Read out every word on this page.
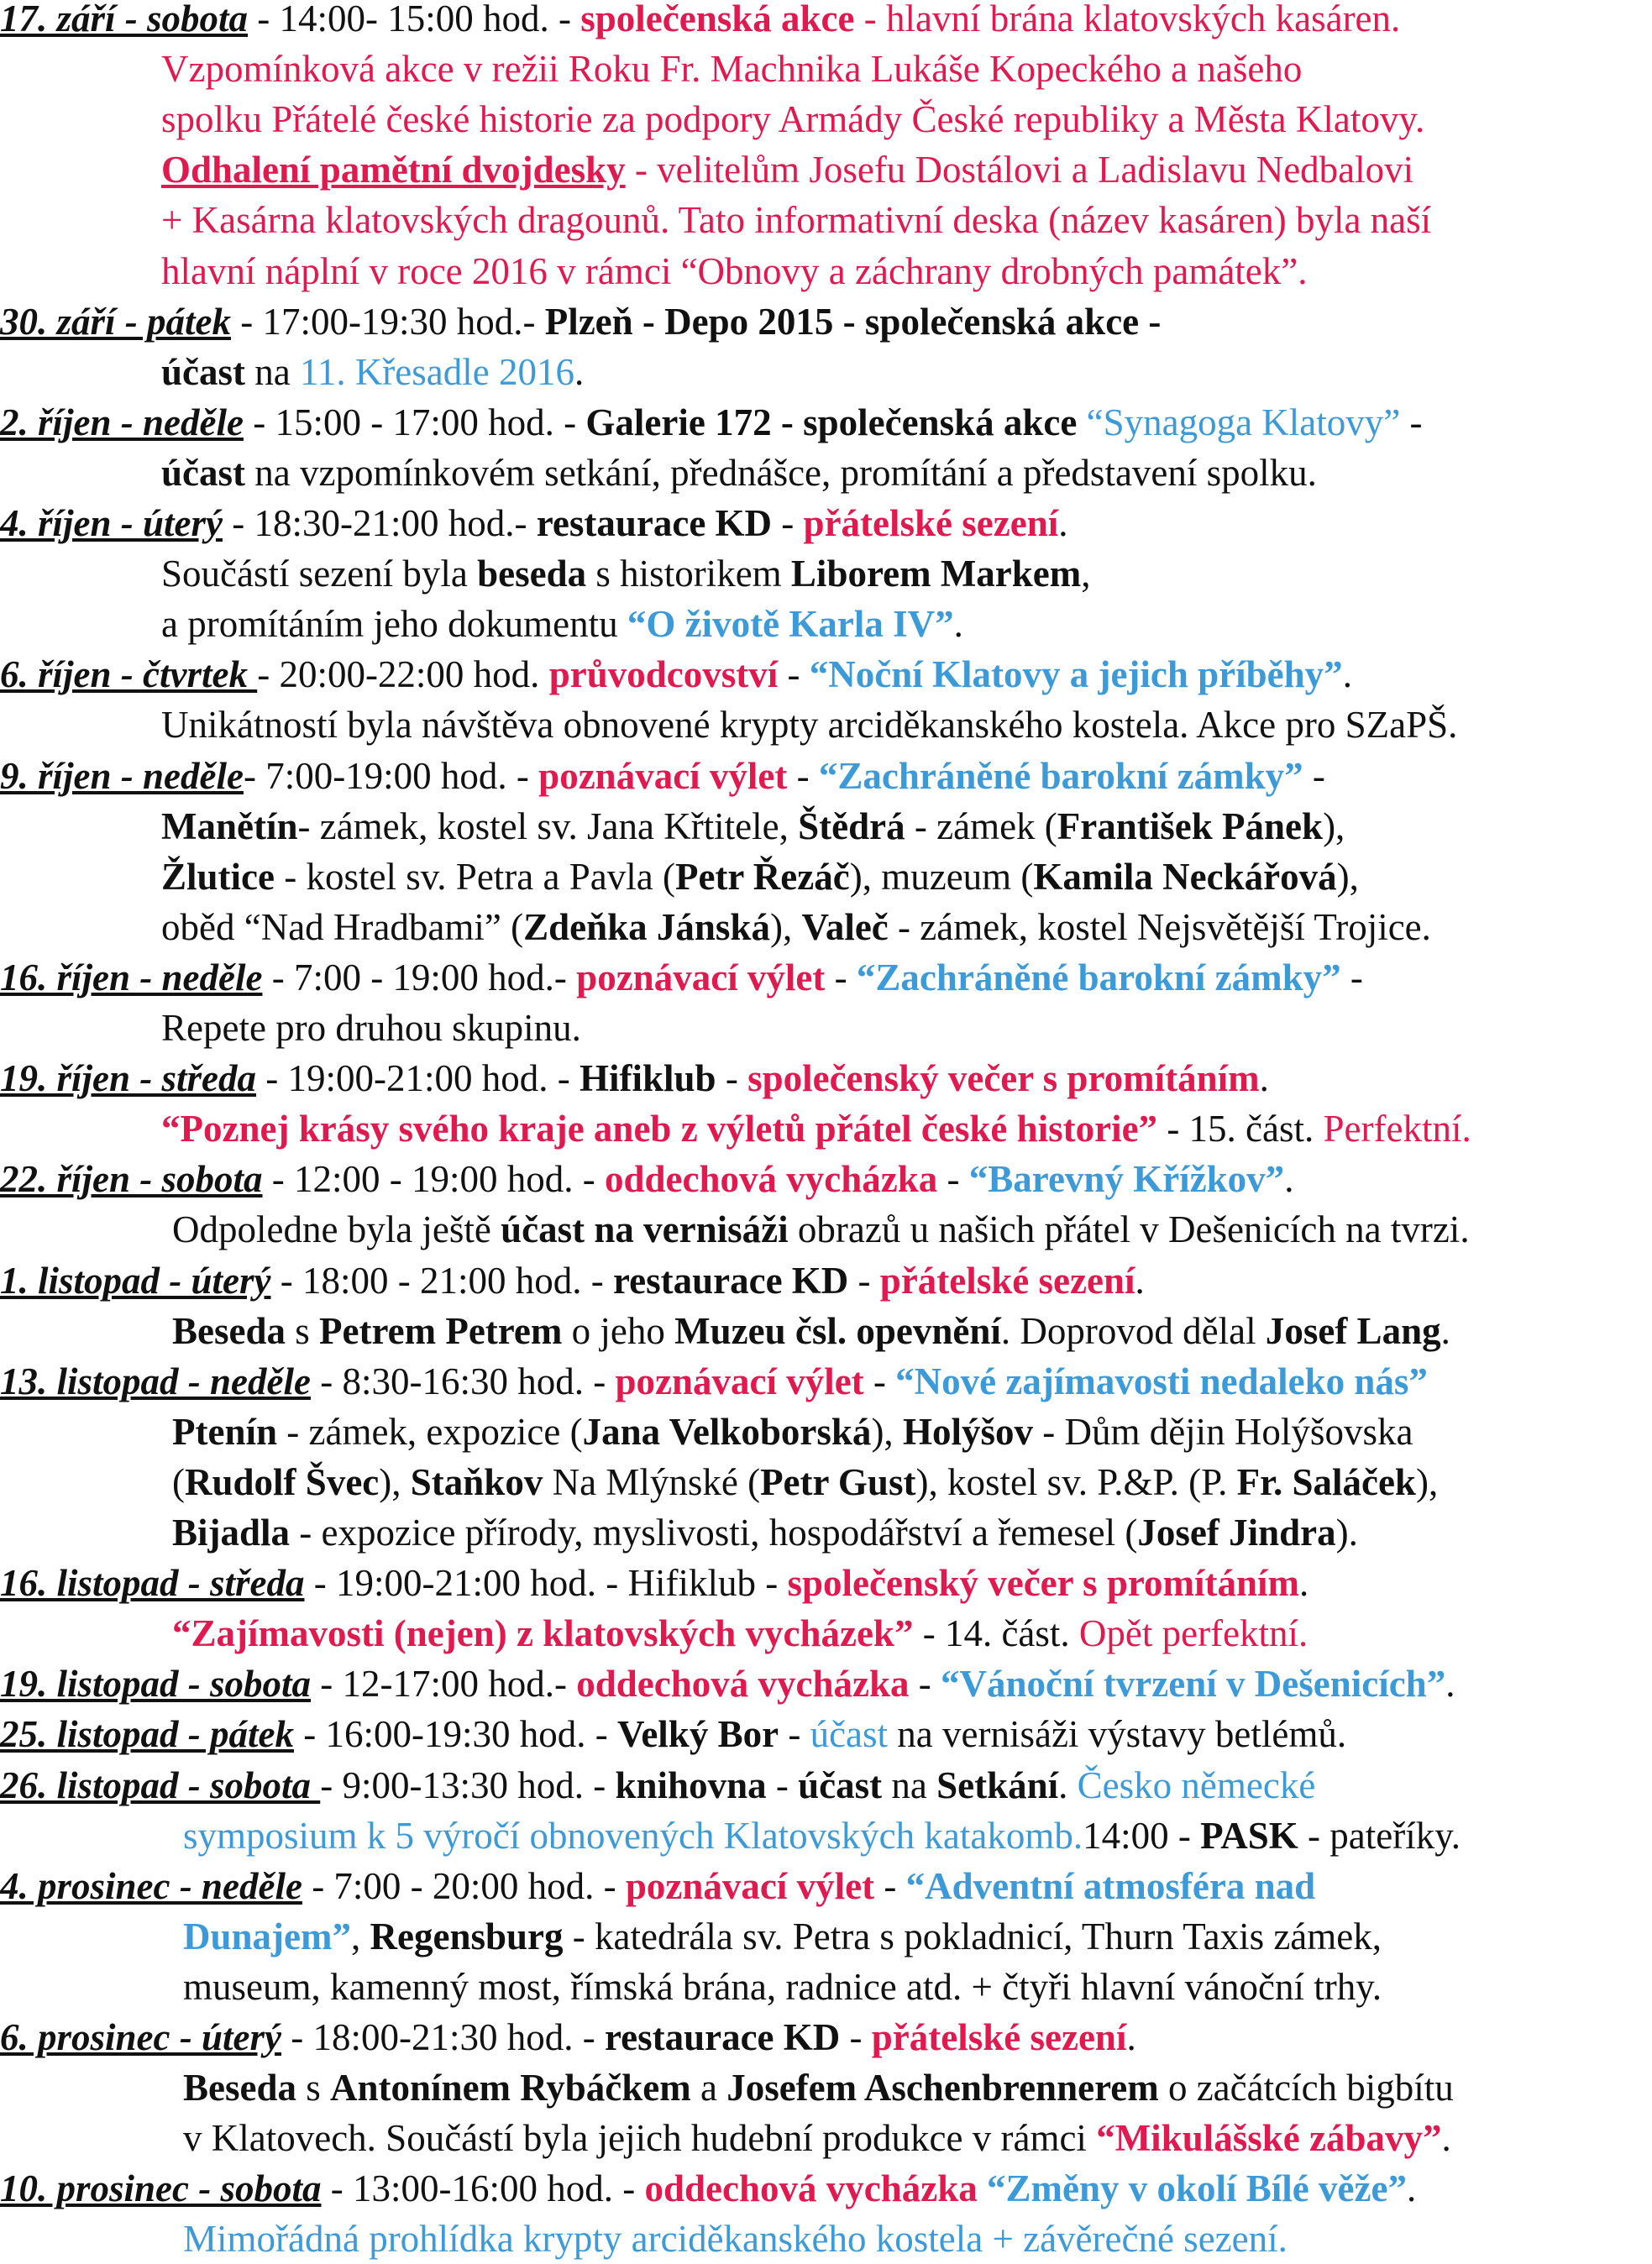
17. září - sobota - 14:00- 15:00 hod. - společenská akce - hlavní brána klatovských kasáren.
Vzpomínková akce v režii Roku Fr. Machnika Lukáše Kopeckého a našeho
spolku Přátelé české historie za podpory Armády České republiky a Města Klatovy.
Odhalení pamětní dvojdesky - velitelům Josefu Dostálovi a Ladislavu Nedbalovi
+ Kasárna klatovských dragounů. Tato informativní deska (název kasáren) byla naší
hlavní náplní v roce 2016 v rámci “Obnovy a záchrany drobných památek”.
30. září - pátek - 17:00-19:30 hod.- Plzeň - Depo 2015 - společenská akce -
účast na 11. Křesadle 2016.
2. říjen - neděle - 15:00 - 17:00 hod. - Galerie 172 - společenská akce “Synagoga Klatovy” -
účast na vzpomínkovém setkání, přednášce, promítání a představení spolku.
4. říjen - úterý - 18:30-21:00 hod.- restaurace KD - přátelské sezení.
Součástí sezení byla beseda s historikem Liborem Markem,
a promítáním jeho dokumentu “O životě Karla IV”.
6. říjen - čtvrtek - 20:00-22:00 hod. průvodcovství - “Noční Klatovy a jejich příběhy”.
Unikátností byla návštěva obnovené krypty arciděkanského kostela. Akce pro SZaPŠ.
9. říjen - neděle- 7:00-19:00 hod. - poznávací výlet - “Zachráněné barokní zámky” -
Manětín- zámek, kostel sv. Jana Křtitele, Štědrá - zámek (František Pánek),
Žlutice - kostel sv. Petra a Pavla (Petr Řezáč), muzeum (Kamila Neckářová),
oběd “Nad Hradbami” (Zdeňka Jánská), Valeč - zámek, kostel Nejsvětější Trojice.
16. říjen - neděle - 7:00 - 19:00 hod.- poznávací výlet - “Zachráněné barokní zámky” -
Repete pro druhou skupinu.
19. říjen - středa - 19:00-21:00 hod. - Hifiklub - společenský večer s promítáním.
“Poznej krásy svého kraje aneb z výletů přátel české historie” - 15. část. Perfektní.
22. říjen - sobota - 12:00 - 19:00 hod. - oddechová vycházka - “Barevný Křížkov”.
Odpoledne byla ještě účast na vernisáži obrazů u našich přátel v Dešenicích na tvrzi.
1. listopad - úterý - 18:00 - 21:00 hod. - restaurace KD - přátelské sezení.
Beseda s Petrem Petrem o jeho Muzeu čsl. opevnění. Doprovod dělal Josef Lang.
13. listopad - neděle - 8:30-16:30 hod. - poznávací výlet - “Nové zajímavosti nedaleko nás”
Ptenín - zámek, expozice (Jana Velkoborská), Holýšov - Dům dějin Holýšovska
(Rudolf Švec), Staňkov Na Mlýnské (Petr Gust), kostel sv. P.&P. (P. Fr. Saláček),
Bijadla - expozice přírody, myslivosti, hospodářství a řemesel (Josef Jindra).
16. listopad - středa - 19:00-21:00 hod. - Hifiklub - společenský večer s promítáním.
“Zajímavosti (nejen) z klatovských vycházek” - 14. část. Opět perfektní.
19. listopad - sobota - 12-17:00 hod.- oddechová vycházka - “Vánoční tvrzení v Dešenicích”.
25. listopad - pátek - 16:00-19:30 hod. - Velký Bor - účast na vernisáži výstavy betlémů.
26. listopad - sobota - 9:00-13:30 hod. - knihovna - účast na Setkání. Česko německé
symposium k 5 výročí obnovených Klatovských katakomb.14:00 - PASK - pateříky.
4. prosinec - neděle - 7:00 - 20:00 hod. - poznávací výlet - “Adventní atmosféra nad
Dunajem”, Regensburg - katedrála sv. Petra s pokladnicí, Thurn Taxis zámek,
museum, kamenný most, římská brána, radnice atd. + čtyři hlavní vánoční trhy.
6. prosinec - úterý - 18:00-21:30 hod. - restaurace KD - přátelské sezení.
Beseda s Antonínem Rybáčkem a Josefem Aschenbrennerem o začátcích bigbítu
v Klatovech. Součástí byla jejich hudební produkce v rámci “Mikulášské zábavy”.
10. prosinec - sobota - 13:00-16:00 hod. - oddechová vycházka “Změny v okolí Bílé věže”.
Mimořádná prohlídka krypty arciděkanského kostela + závěrečné sezení.
